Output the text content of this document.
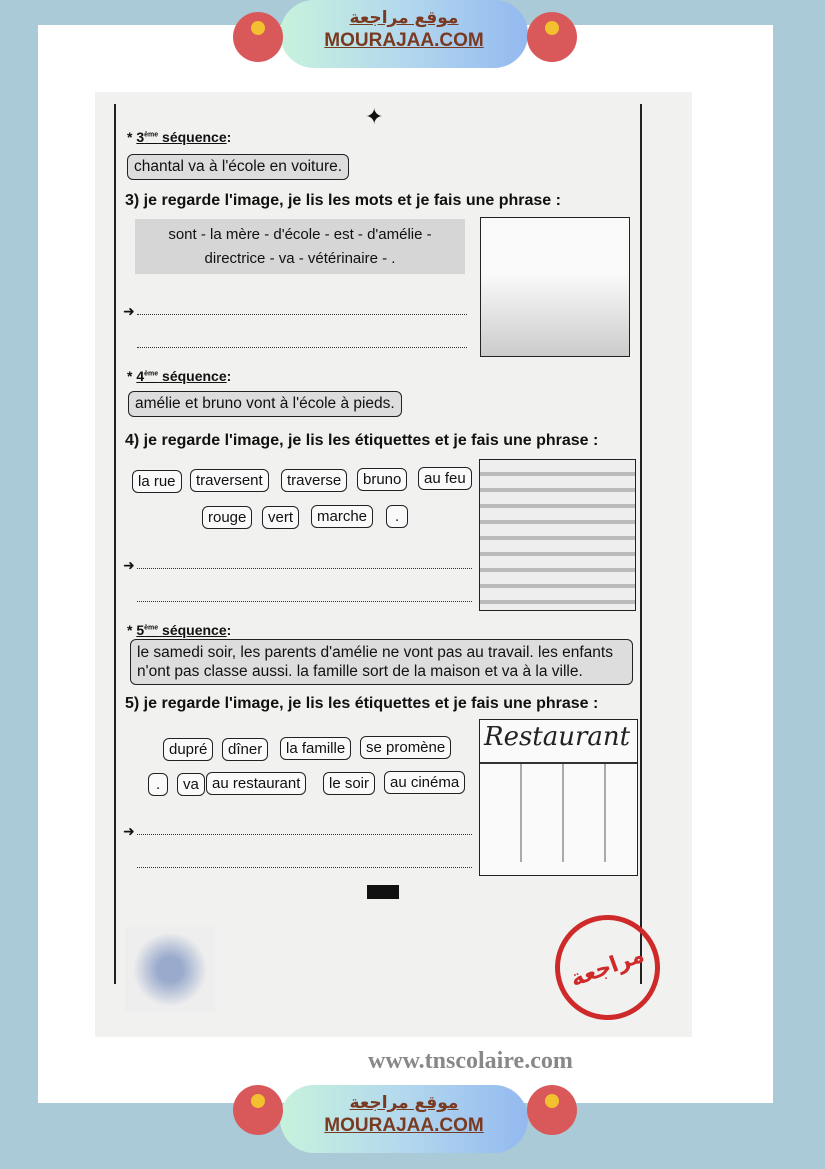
موقع مراجعة
MOURAJAA.COM
✦
* 3ème séquence:
chantal va à l'école en voiture.
3) je regarde l'image, je lis les mots et je fais une phrase :
sont - la mère - d'école - est - d'amélie -
directrice - va - vétérinaire - .
➜
* 4ème séquence:
amélie et bruno vont à l'école à pieds.
4) je regarde l'image, je lis les étiquettes et je fais une phrase :
la rue	traversent	traverse	bruno	au feu
rouge	vert	marche	.
➜
* 5ème séquence:
le samedi soir, les parents d'amélie ne vont pas au travail. les enfants
n'ont pas classe aussi. la famille sort de la maison et va à la ville.
5) je regarde l'image, je lis les étiquettes et je fais une phrase :
dupré	dîner	la famille	se promène
.	va au restaurant	le soir	au cinéma
Restaurant
➜
مراجعة
www.tnscolaire.com
موقع مراجعة
MOURAJAA.COM
